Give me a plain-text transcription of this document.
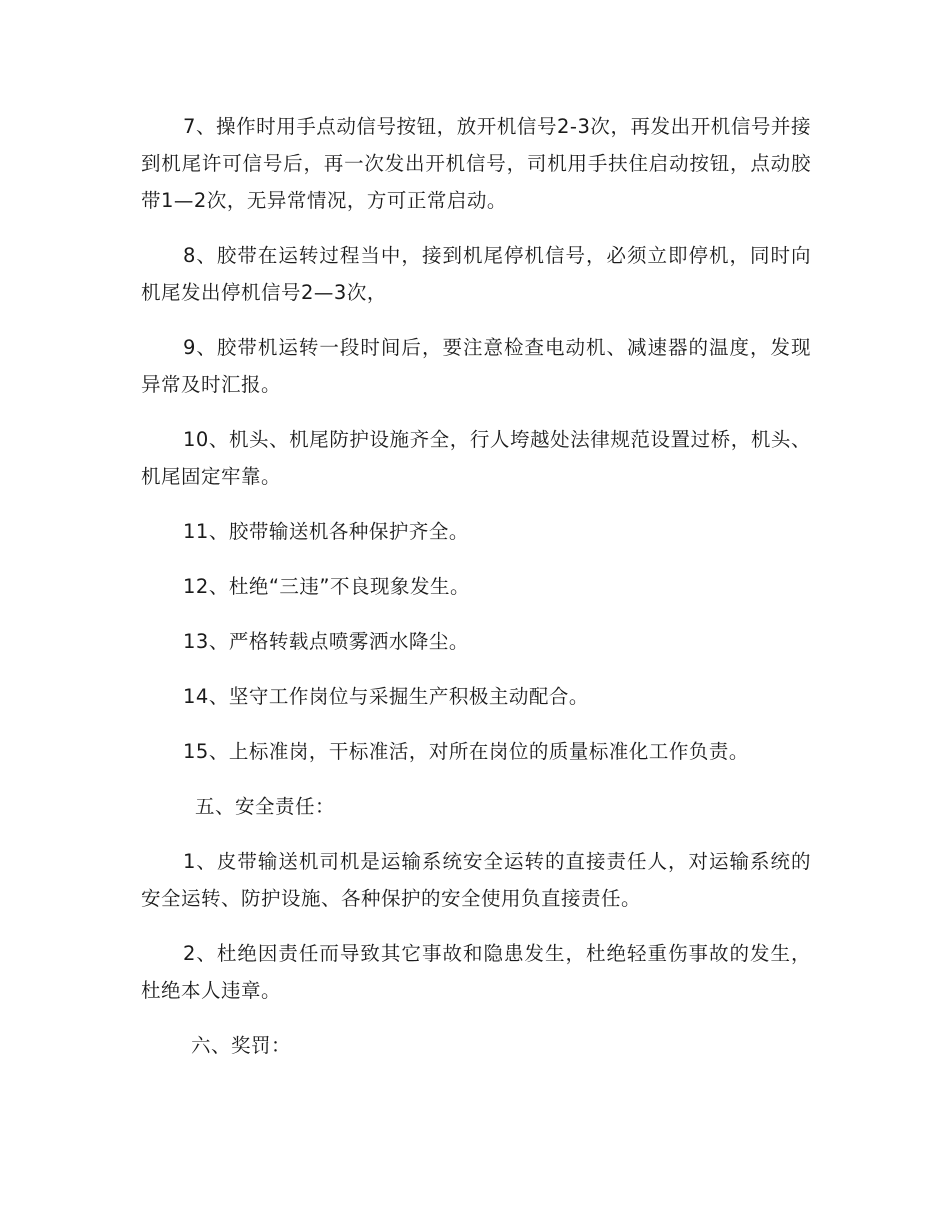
7、操作时用手点动信号按钮，放开机信号2-3次，再发出开机信号并接到机尾许可信号后，再一次发出开机信号，司机用手扶住启动按钮，点动胶带1—2次，无异常情况，方可正常启动。

8、胶带在运转过程当中，接到机尾停机信号，必须立即停机，同时向机尾发出停机信号2—3次，

9、胶带机运转一段时间后，要注意检查电动机、减速器的温度，发现异常及时汇报。

10、机头、机尾防护设施齐全，行人垮越处法律规范设置过桥，机头、机尾固定牢靠。

11、胶带输送机各种保护齐全。

12、杜绝“三违”不良现象发生。

13、严格转载点喷雾洒水降尘。

14、坚守工作岗位与采掘生产积极主动配合。

15、上标准岗，干标准活，对所在岗位的质量标准化工作负责。

五、安全责任：

1、皮带输送机司机是运输系统安全运转的直接责任人，对运输系统的安全运转、防护设施、各种保护的安全使用负直接责任。

2、杜绝因责任而导致其它事故和隐患发生，杜绝轻重伤事故的发生，杜绝本人违章。

六、奖罚：
